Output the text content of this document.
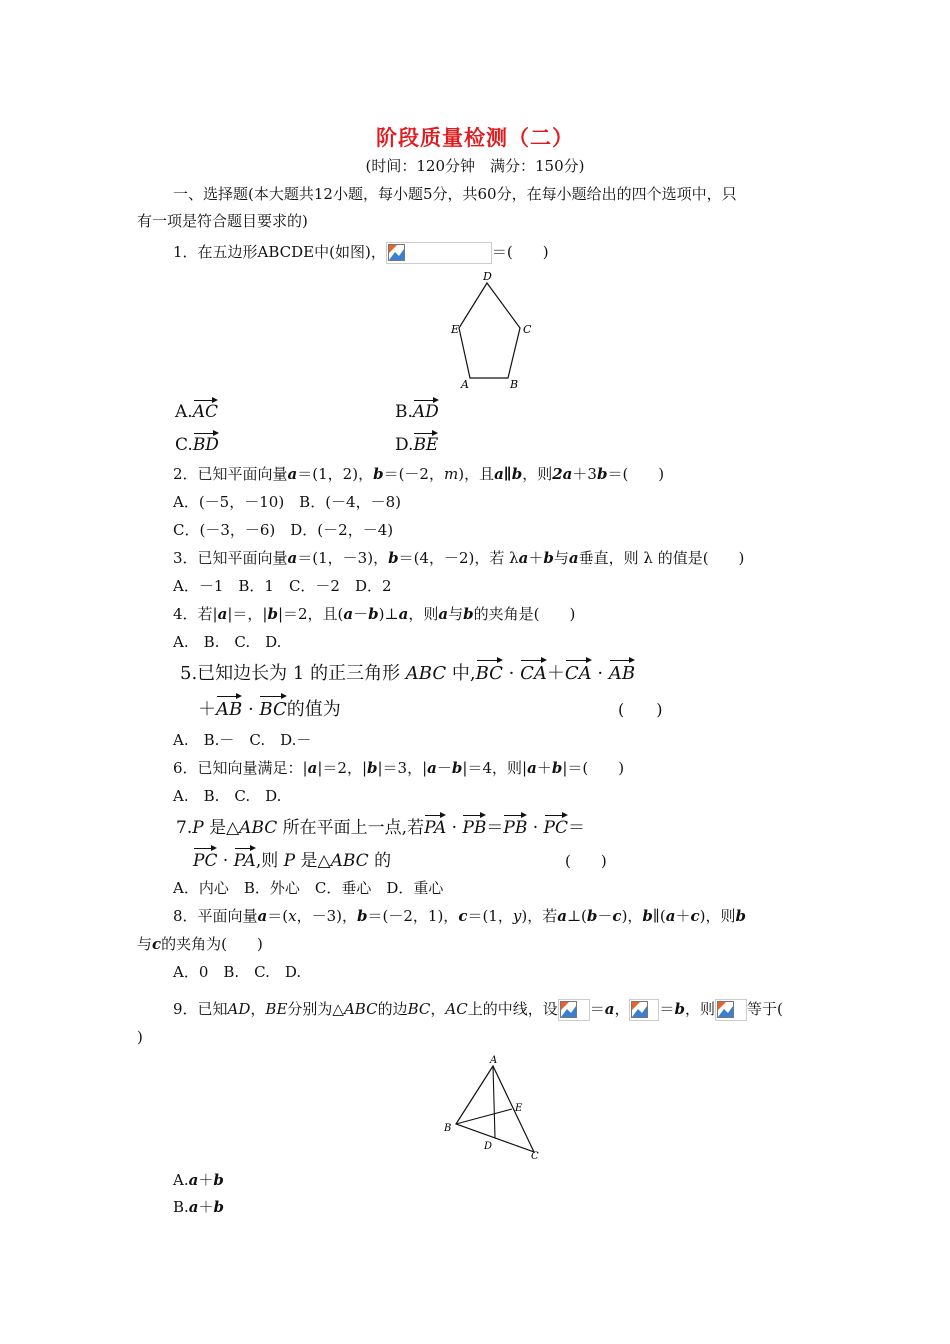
阶段质量检测（二）
(时间：120分钟　满分：150分)
一、选择题(本大题共12小题，每小题5分，共60分，在每小题给出的四个选项中，只
有一项是符合题目要求的)
1．在五边形ABCDE中(如图)，	＝(　　)
D
E	C
A	B
A.AC	B.AD
C.BD	D.BE
2．已知平面向量a＝(1，2)，b＝(－2，m)，且a∥b，则2a＋3b＝(　　)
A．(－5，－10)　B．(－4，－8)
C．(－3，－6)　D．(－2，－4)
3．已知平面向量a＝(1，－3)，b＝(4，－2)，若 λa＋b与a垂直，则 λ 的值是(　　)
A．－1　B．1　C．－2　D．2
4．若|a|＝，|b|＝2，且(a－b)⊥a，则a与b的夹角是(　　)
A.　B.　C.　D.
5.已知边长为 1 的正三角形 ABC 中,BC · CA＋CA · AB
＋AB · BC的值为	(　　)
A.　B.－　C.　D.－
6．已知向量满足：|a|＝2，|b|＝3，|a－b|＝4，则|a＋b|＝(　　)
A.　B.　C.　D.
7.P 是△ABC 所在平面上一点,若PA · PB＝PB · PC＝
PC · PA,则 P 是△ABC 的	(　　)
A．内心　B．外心　C．垂心　D．重心
8．平面向量a＝(x，－3)，b＝(－2，1)，c＝(1，y)，若a⊥(b－c)，b∥(a＋c)，则b
与c的夹角为(　　)
A．0　B.　C.　D.
9．已知AD，BE分别为△ABC的边BC，AC上的中线，设 ＝a， ＝b，则 等于(
)
A
E
B
D
C
A.a＋b
B.a＋b
